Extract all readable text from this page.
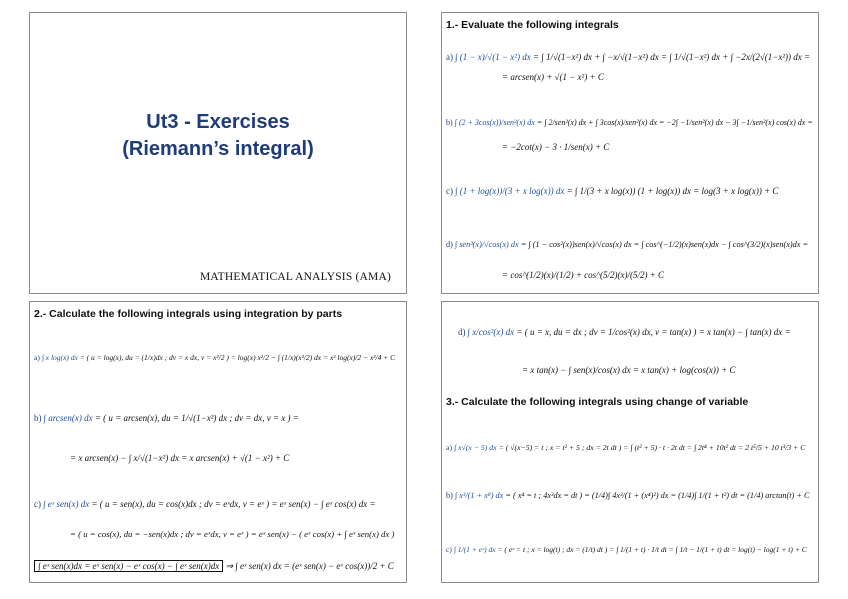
Ut3 - Exercises
(Riemann’s integral)
MATHEMATICAL ANALYSIS (AMA)
1.- Evaluate the following integrals
a) ∫ (1 − x)/√(1 − x²) dx = ∫ 1/√(1−x²) dx + ∫ −x/√(1−x²) dx = ∫ 1/√(1−x²) dx + ∫ −2x/(2√(1−x²)) dx =
= arcsen(x) + √(1 − x²) + C
b) ∫ (2 + 3cos(x))/sen²(x) dx = ∫ 2/sen²(x) dx + ∫ 3cos(x)/sen²(x) dx = −2∫ −1/sen²(x) dx − 3∫ −1/sen²(x) cos(x) dx =
= −2cot(x) − 3 · 1/sen(x) + C
c) ∫ (1 + log(x))/(3 + x log(x)) dx = ∫ 1/(3 + x log(x)) (1 + log(x)) dx = log(3 + x log(x)) + C
d) ∫ sen³(x)/√cos(x) dx = ∫ (1 − cos²(x))sen(x)/√cos(x) dx = ∫ cos^(−1/2)(x)sen(x)dx − ∫ cos^(3/2)(x)sen(x)dx =
= cos^(1/2)(x)/(1/2) + cos^(5/2)(x)/(5/2) + C
2.- Calculate the following integrals using integration by parts
a) ∫ x log(x) dx = ( u = log(x), du = (1/x)dx ; dv = x dx, v = x²/2 ) = log(x) x²/2 − ∫ (1/x)(x²/2) dx = x² log(x)/2 − x²/4 + C
b) ∫ arcsen(x) dx = ( u = arcsen(x), du = 1/√(1−x²) dx ; dv = dx, v = x ) =
= x arcsen(x) − ∫ x/√(1−x²) dx = x arcsen(x) + √(1 − x²) + C
c) ∫ eˣ sen(x) dx = ( u = sen(x), du = cos(x)dx ; dv = eˣdx, v = eˣ ) = eˣ sen(x) − ∫ eˣ cos(x) dx =
= ( u = cos(x), du = −sen(x)dx ; dv = eˣdx, v = eˣ ) = eˣ sen(x) − ( eˣ cos(x) + ∫ eˣ sen(x) dx )
∫ eˣ sen(x)dx = eˣ sen(x) − eˣ cos(x) − ∫ eˣ sen(x)dx ⇒ ∫ eˣ sen(x) dx = (eˣ sen(x) − eˣ cos(x))/2 + C
d) ∫ x/cos²(x) dx = ( u = x, du = dx ; dv = 1/cos²(x) dx, v = tan(x) ) = x tan(x) − ∫ tan(x) dx =
= x tan(x) − ∫ sen(x)/cos(x) dx = x tan(x) + log(cos(x)) + C
3.- Calculate the following integrals using change of variable
a) ∫ x√(x − 5) dx = ( √(x−5) = t ; x = t² + 5 ; dx = 2t dt ) = ∫ (t² + 5) · t · 2t dt = ∫ 2t⁴ + 10t² dt = 2 t⁵/5 + 10 t³/3 + C
b) ∫ x³/(1 + x⁸) dx = ( x⁴ = t ; 4x³dx = dt ) = (1/4)∫ 4x³/(1 + (x⁴)²) dx = (1/4)∫ 1/(1 + t²) dt = (1/4) arctan(t) + C
c) ∫ 1/(1 + eˣ) dx = ( eˣ = t ; x = log(t) ; dx = (1/t) dt ) = ∫ 1/(1 + t) · 1/t dt = ∫ 1/t − 1/(1 + t) dt = log(t) − log(1 + t) + C
